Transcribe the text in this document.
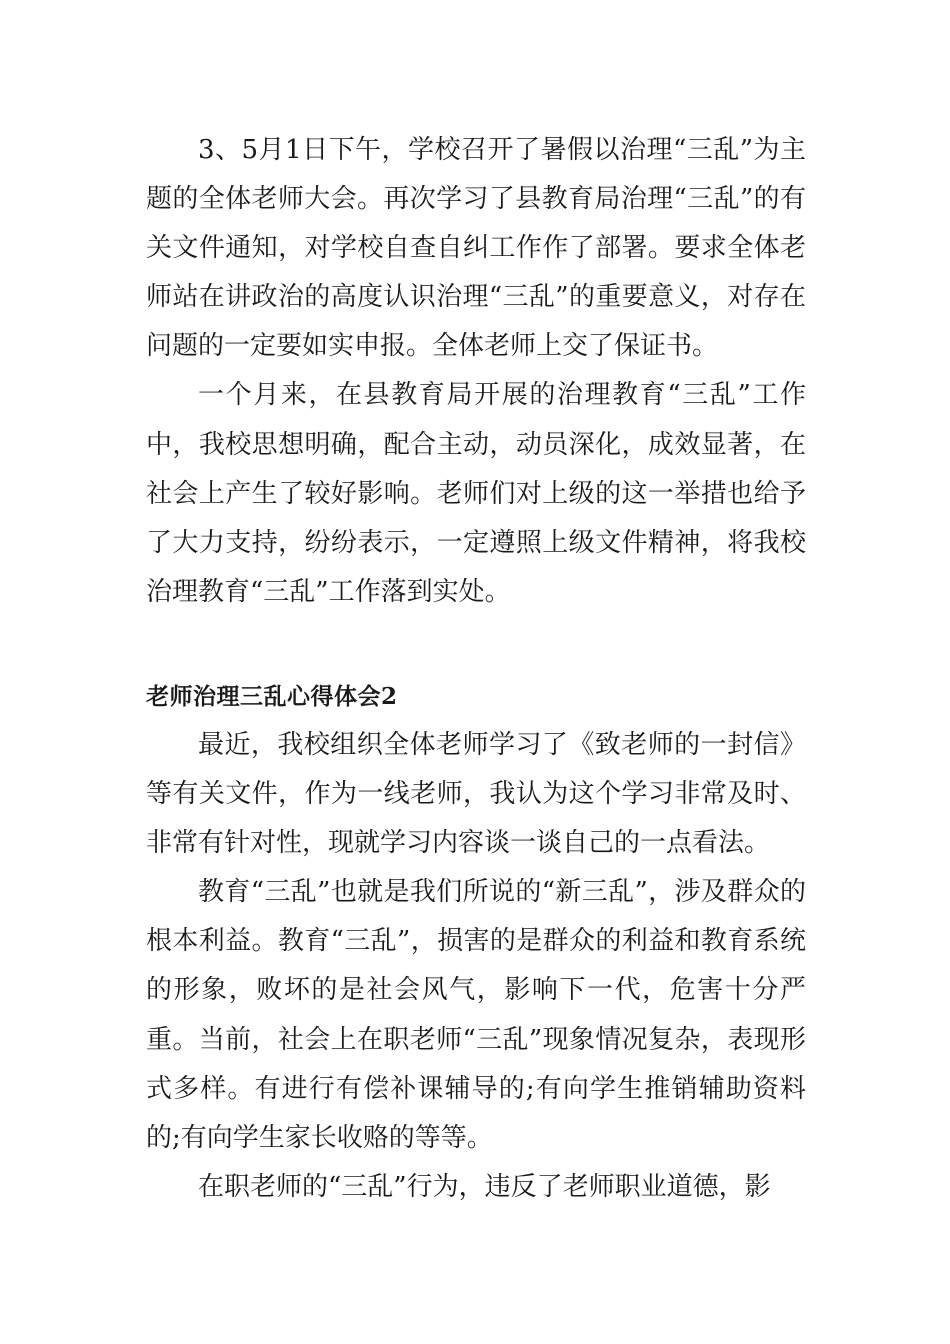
3、5月1日下午，学校召开了暑假以治理“三乱”为主题的全体老师大会。再次学习了县教育局治理“三乱”的有关文件通知，对学校自查自纠工作作了部署。要求全体老师站在讲政治的高度认识治理“三乱”的重要意义，对存在问题的一定要如实申报。全体老师上交了保证书。

一个月来，在县教育局开展的治理教育“三乱”工作中，我校思想明确，配合主动，动员深化，成效显著，在社会上产生了较好影响。老师们对上级的这一举措也给予了大力支持，纷纷表示，一定遵照上级文件精神，将我校治理教育“三乱”工作落到实处。

老师治理三乱心得体会2

最近，我校组织全体老师学习了《致老师的一封信》等有关文件，作为一线老师，我认为这个学习非常及时、非常有针对性，现就学习内容谈一谈自己的一点看法。

教育“三乱”也就是我们所说的“新三乱”，涉及群众的根本利益。教育“三乱”，损害的是群众的利益和教育系统的形象，败坏的是社会风气，影响下一代，危害十分严重。当前，社会上在职老师“三乱”现象情况复杂，表现形式多样。有进行有偿补课辅导的;有向学生推销辅助资料的;有向学生家长收赂的等等。

在职老师的“三乱”行为，违反了老师职业道德，影
